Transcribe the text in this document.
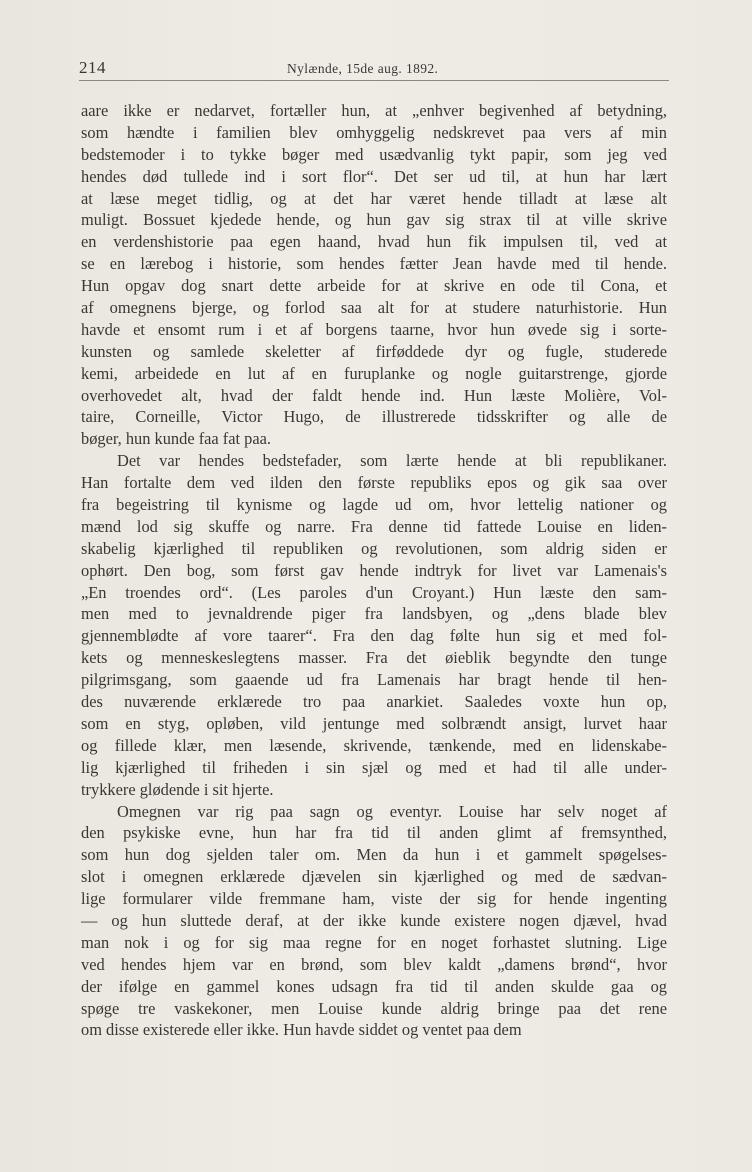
214	Nylænde, 15de aug. 1892.
aare ikke er nedarvet, fortæller hun, at „enhver begivenhed af betydning,
som hændte i familien blev omhyggelig nedskrevet paa vers af min
bedstemoder i to tykke bøger med usædvanlig tykt papir, som jeg ved
hendes død tullede ind i sort flor“. Det ser ud til, at hun har lært
at læse meget tidlig, og at det har været hende tilladt at læse alt
muligt. Bossuet kjedede hende, og hun gav sig strax til at ville skrive
en verdenshistorie paa egen haand, hvad hun fik impulsen til, ved at
se en lærebog i historie, som hendes fætter Jean havde med til hende.
Hun opgav dog snart dette arbeide for at skrive en ode til Cona, et
af omegnens bjerge, og forlod saa alt for at studere naturhistorie. Hun
havde et ensomt rum i et af borgens taarne, hvor hun øvede sig i sorte-
kunsten og samlede skeletter af firføddede dyr og fugle, studerede
kemi, arbeidede en lut af en furuplanke og nogle guitarstrenge, gjorde
overhovedet alt, hvad der faldt hende ind. Hun læste Molière, Vol-
taire, Corneille, Victor Hugo, de illustrerede tidsskrifter og alle de
bøger, hun kunde faa fat paa.
Det var hendes bedstefader, som lærte hende at bli republikaner.
Han fortalte dem ved ilden den første republiks epos og gik saa over
fra begeistring til kynisme og lagde ud om, hvor lettelig nationer og
mænd lod sig skuffe og narre. Fra denne tid fattede Louise en liden-
skabelig kjærlighed til republiken og revolutionen, som aldrig siden er
ophørt. Den bog, som først gav hende indtryk for livet var Lamenais's
„En troendes ord“. (Les paroles d'un Croyant.) Hun læste den sam-
men med to jevnaldrende piger fra landsbyen, og „dens blade blev
gjennemblødte af vore taarer“. Fra den dag følte hun sig et med fol-
kets og menneskeslegtens masser. Fra det øieblik begyndte den tunge
pilgrimsgang, som gaaende ud fra Lamenais har bragt hende til hen-
des nuværende erklærede tro paa anarkiet. Saaledes voxte hun op,
som en styg, opløben, vild jentunge med solbrændt ansigt, lurvet haar
og fillede klær, men læsende, skrivende, tænkende, med en lidenskabe-
lig kjærlighed til friheden i sin sjæl og med et had til alle under-
trykkere glødende i sit hjerte.
Omegnen var rig paa sagn og eventyr. Louise har selv noget af
den psykiske evne, hun har fra tid til anden glimt af fremsynthed,
som hun dog sjelden taler om. Men da hun i et gammelt spøgelses-
slot i omegnen erklærede djævelen sin kjærlighed og med de sædvan-
lige formularer vilde fremmane ham, viste der sig for hende ingenting
— og hun sluttede deraf, at der ikke kunde existere nogen djævel, hvad
man nok i og for sig maa regne for en noget forhastet slutning. Lige
ved hendes hjem var en brønd, som blev kaldt „damens brønd“, hvor
der ifølge en gammel kones udsagn fra tid til anden skulde gaa og
spøge tre vaskekoner, men Louise kunde aldrig bringe paa det rene
om disse existerede eller ikke. Hun havde siddet og ventet paa dem
